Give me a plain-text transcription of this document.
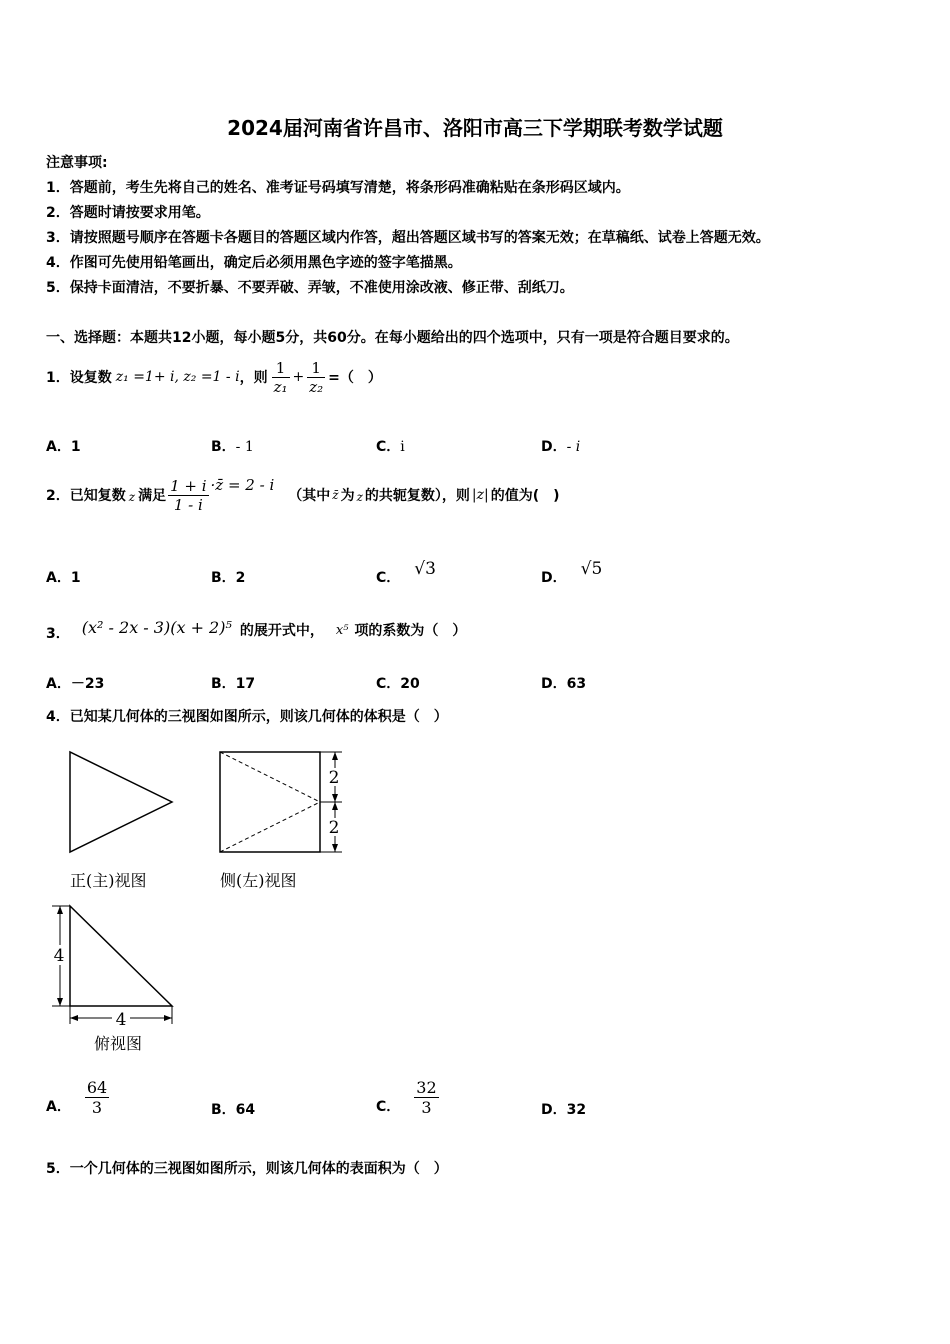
2024届河南省许昌市、洛阳市高三下学期联考数学试题
注意事项:
1．答题前，考生先将自己的姓名、准考证号码填写清楚，将条形码准确粘贴在条形码区域内。
2．答题时请按要求用笔。
3．请按照题号顺序在答题卡各题目的答题区域内作答，超出答题区域书写的答案无效；在草稿纸、试卷上答题无效。
4．作图可先使用铅笔画出，确定后必须用黑色字迹的签字笔描黑。
5．保持卡面清洁，不要折暴、不要弄破、弄皱，不准使用涂改液、修正带、刮纸刀。
一、选择题：本题共12小题，每小题5分，共60分。在每小题给出的四个选项中，只有一项是符合题目要求的。
1．设复数 z₁ =1+ i, z₂ =1 - i ，则 $\frac{1}{\text{z₁}} + \frac{1}{\text{z₂}}$ =（　）
A．1	B．- 1	C．i	D．- i
2．已知复数 z 满足 $\frac{1 + i}{1 - i}$ ·z̄ = 2 - i
（其中 z̄ 为 z 的共轭复数），则 |z| 的值为(　)
A．1	B．2	C． √3	D． √5
3． (x² - 2x - 3)(x + 2)⁵ 的展开式中， x⁵ 项的系数为（　）
A．－23	B．17	C．20	D．63
4．已知某几何体的三视图如图所示，则该几何体的体积是（　）
正(主)视图
2
2
侧(左)视图
4
4
俯视图
A． $\frac{64}{3}$	B．64	C． $\frac{32}{3}$	D．32
5．一个几何体的三视图如图所示，则该几何体的表面积为（　）
